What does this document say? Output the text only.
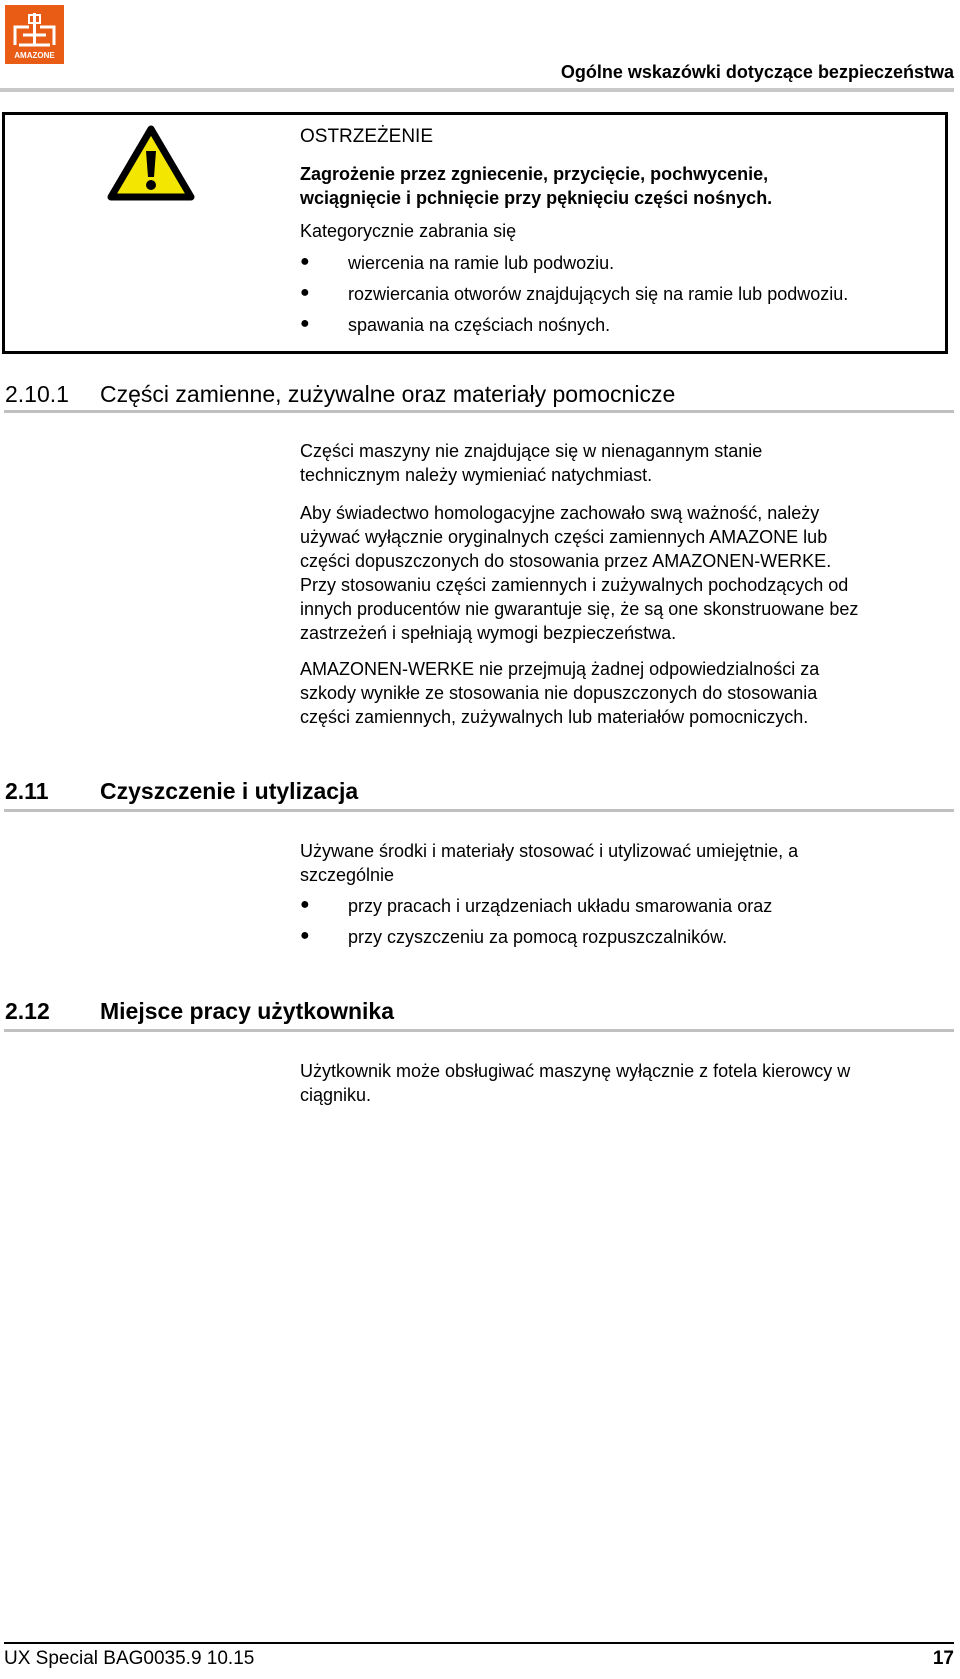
AMAZONE
Ogólne wskazówki dotyczące bezpieczeństwa
OSTRZEŻENIE
Zagrożenie przez zgniecenie, przycięcie, pochwycenie,
wciągnięcie i pchnięcie przy pęknięciu części nośnych.
Kategorycznie zabrania się
● wiercenia na ramie lub podwoziu.
● rozwiercania otworów znajdujących się na ramie lub podwoziu.
● spawania na częściach nośnych.
2.10.1 Części zamienne, zużywalne oraz materiały pomocnicze
Części maszyny nie znajdujące się w nienagannym stanie
technicznym należy wymieniać natychmiast.
Aby świadectwo homologacyjne zachowało swą ważność, należy
używać wyłącznie oryginalnych części zamiennych AMAZONE lub
części dopuszczonych do stosowania przez AMAZONEN-WERKE.
Przy stosowaniu części zamiennych i zużywalnych pochodzących od
innych producentów nie gwarantuje się, że są one skonstruowane bez
zastrzeżeń i spełniają wymogi bezpieczeństwa.
AMAZONEN-WERKE nie przejmują żadnej odpowiedzialności za
szkody wynikłe ze stosowania nie dopuszczonych do stosowania
części zamiennych, zużywalnych lub materiałów pomocniczych.
2.11 Czyszczenie i utylizacja
Używane środki i materiały stosować i utylizować umiejętnie, a
szczególnie
● przy pracach i urządzeniach układu smarowania oraz
● przy czyszczeniu za pomocą rozpuszczalników.
2.12 Miejsce pracy użytkownika
Użytkownik może obsługiwać maszynę wyłącznie z fotela kierowcy w
ciągniku.
UX Special BAG0035.9 10.15	17
